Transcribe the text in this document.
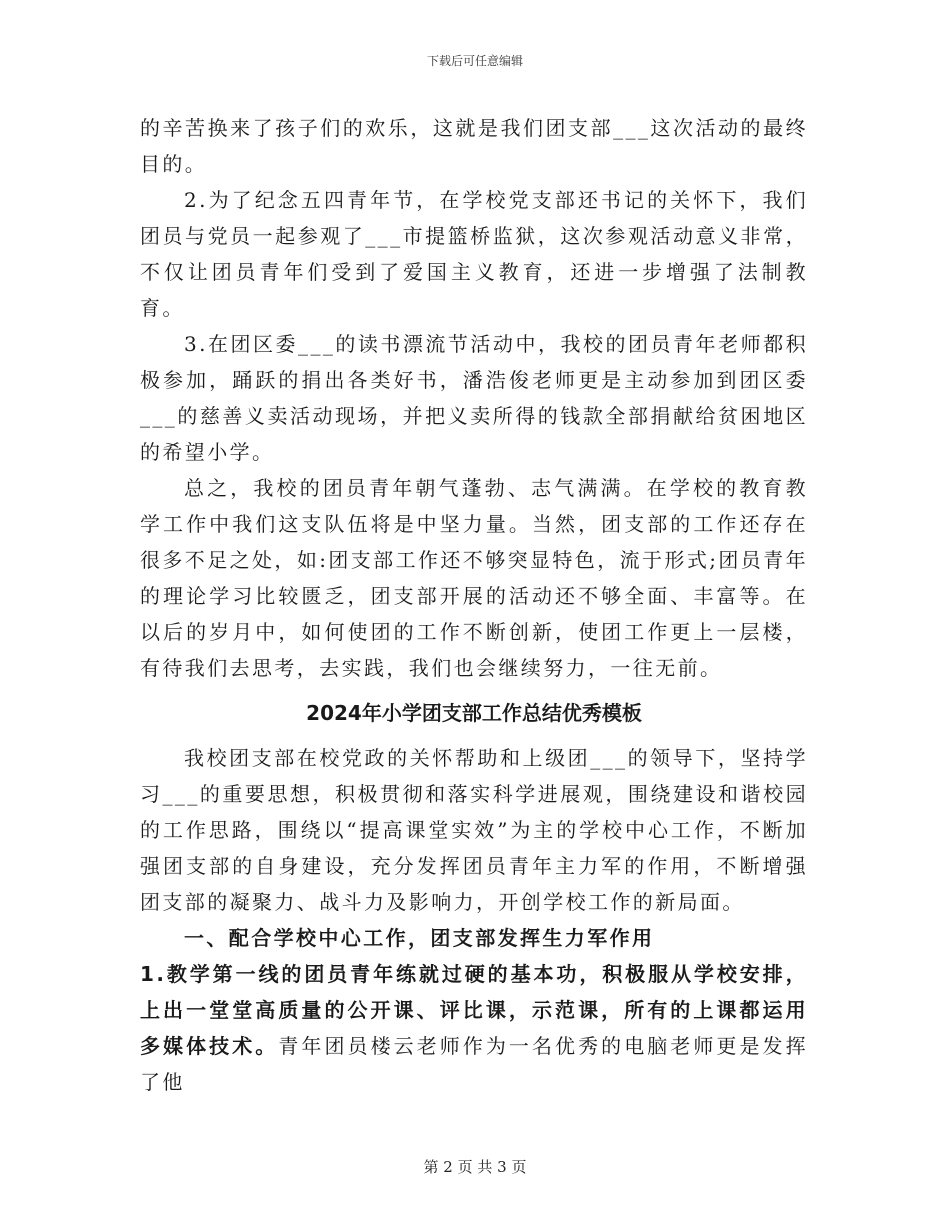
下载后可任意编辑

的辛苦换来了孩子们的欢乐，这就是我们团支部___这次活动的最终目的。

2.为了纪念五四青年节，在学校党支部还书记的关怀下，我们团员与党员一起参观了___市提篮桥监狱，这次参观活动意义非常，不仅让团员青年们受到了爱国主义教育，还进一步增强了法制教育。

3.在团区委___的读书漂流节活动中，我校的团员青年老师都积极参加，踊跃的捐出各类好书，潘浩俊老师更是主动参加到团区委___的慈善义卖活动现场，并把义卖所得的钱款全部捐献给贫困地区的希望小学。

总之，我校的团员青年朝气蓬勃、志气满满。在学校的教育教学工作中我们这支队伍将是中坚力量。当然，团支部的工作还存在很多不足之处，如:团支部工作还不够突显特色，流于形式;团员青年的理论学习比较匮乏，团支部开展的活动还不够全面、丰富等。在以后的岁月中，如何使团的工作不断创新，使团工作更上一层楼，有待我们去思考，去实践，我们也会继续努力，一往无前。

2024年小学团支部工作总结优秀模板

我校团支部在校党政的关怀帮助和上级团___的领导下，坚持学习___的重要思想，积极贯彻和落实科学进展观，围绕建设和谐校园的工作思路，围绕以“提高课堂实效”为主的学校中心工作，不断加强团支部的自身建设，充分发挥团员青年主力军的作用，不断增强团支部的凝聚力、战斗力及影响力，开创学校工作的新局面。

一、配合学校中心工作，团支部发挥生力军作用

1.教学第一线的团员青年练就过硬的基本功，积极服从学校安排，上出一堂堂高质量的公开课、评比课，示范课，所有的上课都运用多媒体技术。青年团员楼云老师作为一名优秀的电脑老师更是发挥了他

第 2 页 共 3 页
